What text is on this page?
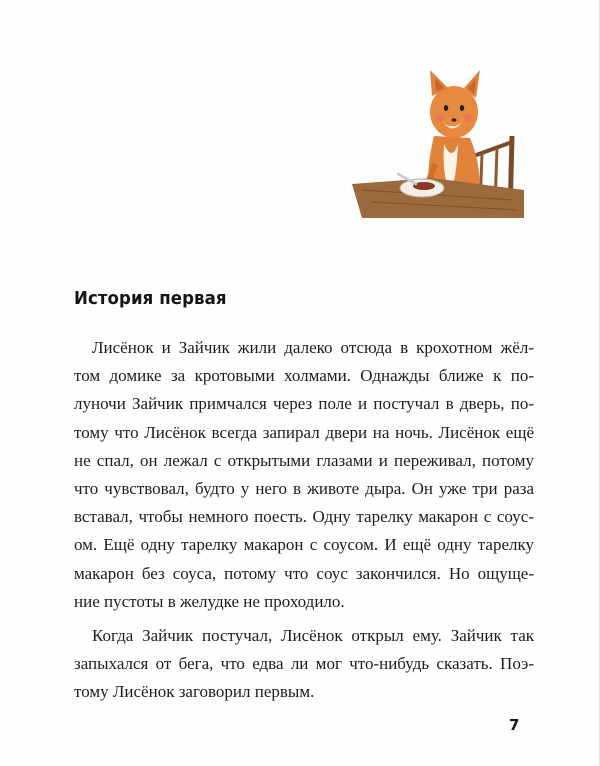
История первая
Лисёнок и Зайчик жили далеко отсюда в крохотном жёл-
том домике за кротовыми холмами. Однажды ближе к по-
луночи Зайчик примчался через поле и постучал в дверь, по-
тому что Лисёнок всегда запирал двери на ночь. Лисёнок ещё
не спал, он лежал с открытыми глазами и переживал, потому
что чувствовал, будто у него в животе дыра. Он уже три раза
вставал, чтобы немного поесть. Одну тарелку макарон с соус-
ом. Ещё одну тарелку макарон с соусом. И ещё одну тарелку
макарон без соуса, потому что соус закончился. Но ощуще-
ние пустоты в желудке не проходило.
Когда Зайчик постучал, Лисёнок открыл ему. Зайчик так
запыхался от бега, что едва ли мог что-нибудь сказать. Поэ-
тому Лисёнок заговорил первым.
7
